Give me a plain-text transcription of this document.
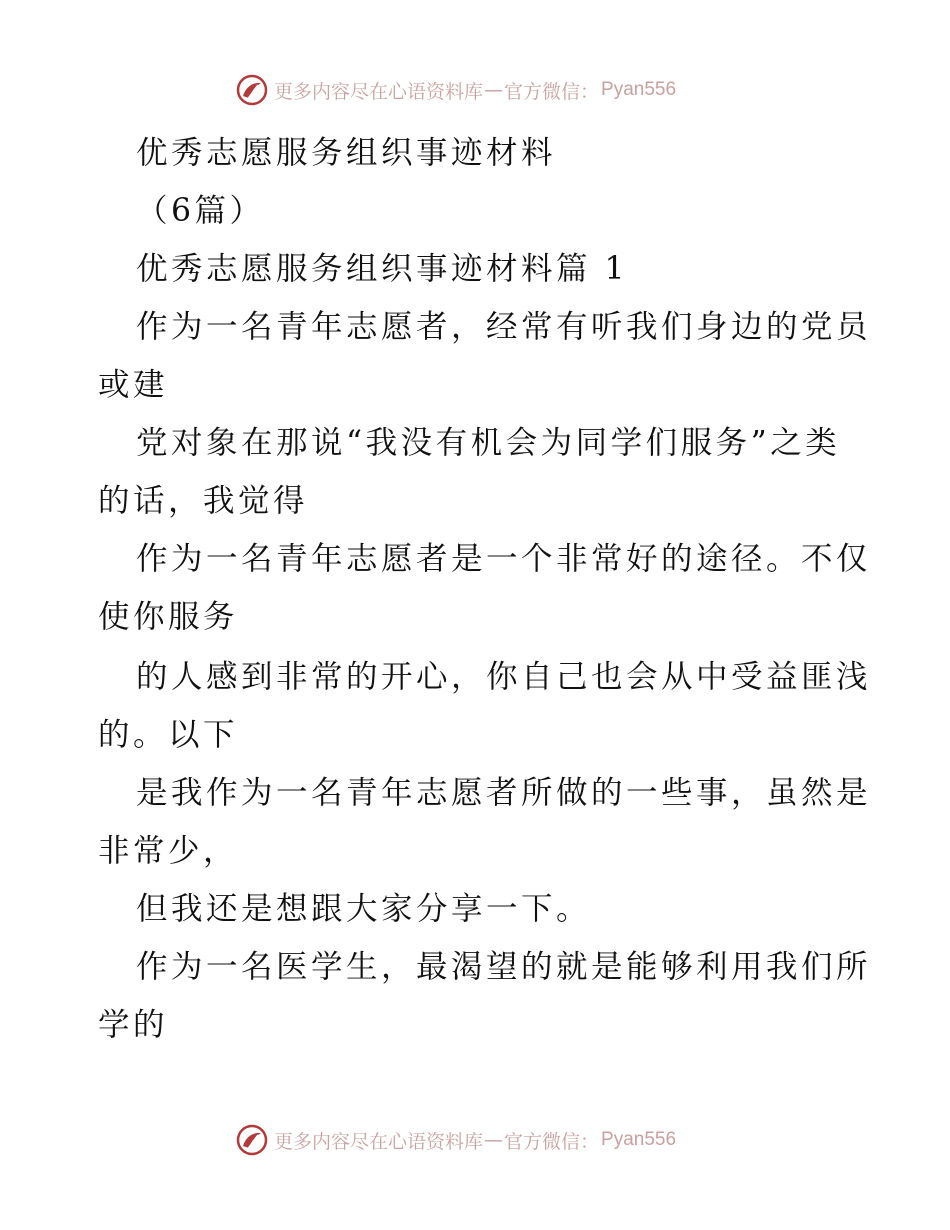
更多内容尽在心语资料库 — 官方微信： Pyan556
优秀志愿服务组织事迹材料
（6篇）
优秀志愿服务组织事迹材料篇 1
作为一名青年志愿者，经常有听我们身边的党员
或建
党对象在那说“我没有机会为同学们服务”之类
的话，我觉得
作为一名青年志愿者是一个非常好的途径。不仅
使你服务
的人感到非常的开心，你自己也会从中受益匪浅
的。以下
是我作为一名青年志愿者所做的一些事，虽然是
非常少，
但我还是想跟大家分享一下。
作为一名医学生，最渴望的就是能够利用我们所
学的
更多内容尽在心语资料库 — 官方微信： Pyan556
